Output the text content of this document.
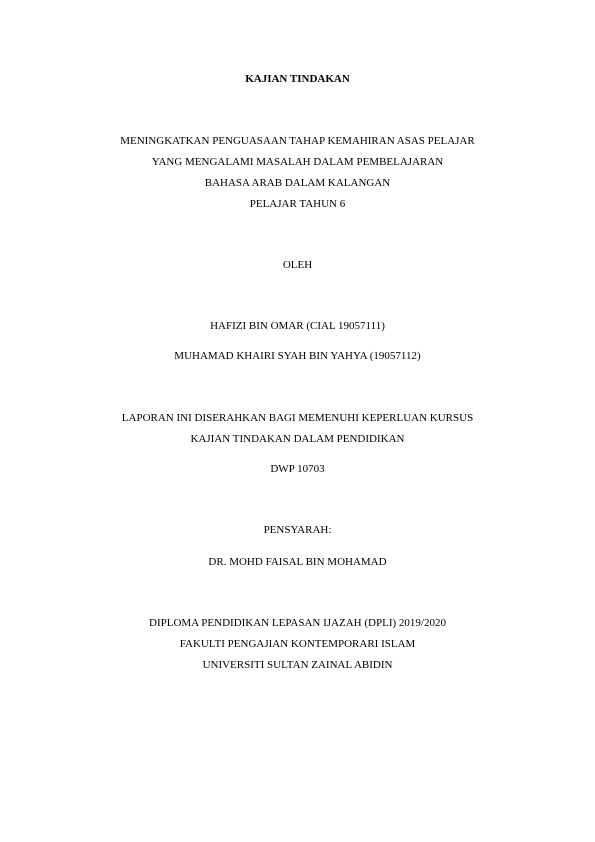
KAJIAN TINDAKAN
MENINGKATKAN PENGUASAAN TAHAP KEMAHIRAN ASAS PELAJAR
YANG MENGALAMI MASALAH DALAM PEMBELAJARAN
BAHASA ARAB DALAM KALANGAN
PELAJAR TAHUN 6
OLEH
HAFIZI BIN OMAR (CIAL 19057111)
MUHAMAD KHAIRI SYAH BIN YAHYA (19057112)
LAPORAN INI DISERAHKAN BAGI MEMENUHI KEPERLUAN KURSUS
KAJIAN TINDAKAN DALAM PENDIDIKAN
DWP 10703
PENSYARAH:
DR. MOHD FAISAL BIN MOHAMAD
DIPLOMA PENDIDIKAN LEPASAN IJAZAH (DPLI) 2019/2020
FAKULTI PENGAJIAN KONTEMPORARI ISLAM
UNIVERSITI SULTAN ZAINAL ABIDIN
